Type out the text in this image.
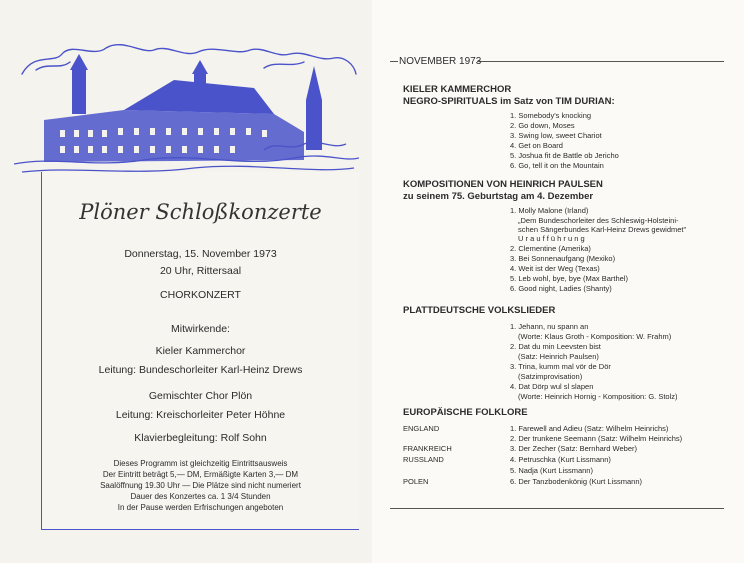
Plöner Schloßkonzerte
Donnerstag, 15. November 1973
20 Uhr, Rittersaal
CHORKONZERT
Mitwirkende:
Kieler Kammerchor
Leitung: Bundeschorleiter Karl-Heinz Drews
Gemischter Chor Plön
Leitung: Kreischorleiter Peter Höhne
Klavierbegleitung: Rolf Sohn
Dieses Programm ist gleichzeitig Eintrittsausweis
Der Eintritt beträgt 5,— DM, Ermäßigte Karten 3,— DM
Saalöffnung 19.30 Uhr — Die Plätze sind nicht numeriert
Dauer des Konzertes ca. 1 3/4 Stunden
In der Pause werden Erfrischungen angeboten
NOVEMBER 1973
KIELER KAMMERCHOR
NEGRO-SPIRITUALS im Satz von TIM DURIAN:
1. Somebody's knocking
2. Go down, Moses
3. Swing low, sweet Chariot
4. Get on Board
5. Joshua fit de Battle ob Jericho
6. Go, tell it on the Mountain
KOMPOSITIONEN VON HEINRICH PAULSEN
zu seinem 75. Geburtstag am 4. Dezember
1. Molly Malone (Irland)
„Dem Bundeschorleiter des Schleswig-Holsteini-
schen Sängerbundes Karl-Heinz Drews gewidmet"
U r a u f f ü h r u n g
2. Clementine (Amerika)
3. Bei Sonnenaufgang (Mexiko)
4. Weit ist der Weg (Texas)
5. Leb wohl, bye, bye (Max Barthel)
6. Good night, Ladies (Shanty)
PLATTDEUTSCHE VOLKSLIEDER
1. Jehann, nu spann an
(Worte: Klaus Groth - Komposition: W. Frahm)
2. Dat du min Leevsten bist
(Satz: Heinrich Paulsen)
3. Trina, kumm mal vör de Dör
(Satzimprovisation)
4. Dat Dörp wul sl slapen
(Worte: Heinrich Hornig - Komposition: G. Stolz)
EUROPÄISCHE FOLKLORE
ENGLAND
FRANKREICH
RUSSLAND
POLEN
1. Farewell and Adieu (Satz: Wilhelm Heinrichs)
2. Der trunkene Seemann (Satz: Wilhelm Heinrichs)
3. Der Zecher (Satz: Bernhard Weber)
4. Petruschka (Kurt Lissmann)
5. Nadja (Kurt Lissmann)
6. Der Tanzbodenkönig (Kurt Lissmann)
